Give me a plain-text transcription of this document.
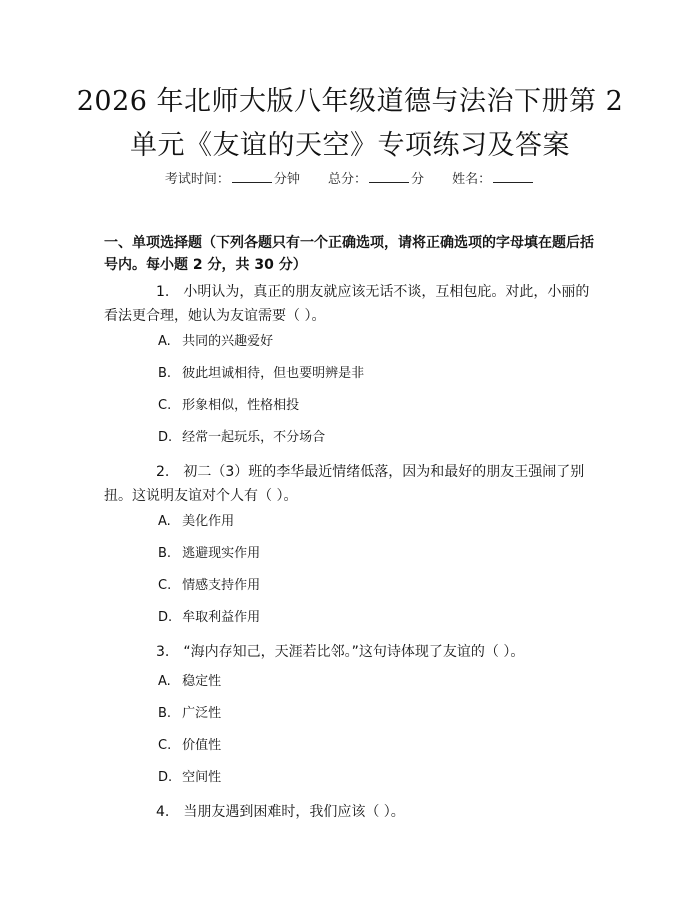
2026 年北师大版八年级道德与法治下册第 2
单元《友谊的天空》专项练习及答案
考试时间：	分钟 总分：	分 姓名：
一、单项选择题（下列各题只有一个正确选项，请将正确选项的字母填在题后括号内。每小题 2 分，共 30 分）
1. 小明认为，真正的朋友就应该无话不谈，互相包庇。对此，小丽的看法更合理，她认为友谊需要（ ）。
A. 共同的兴趣爱好
B. 彼此坦诚相待，但也要明辨是非
C. 形象相似，性格相投
D. 经常一起玩乐，不分场合
2. 初二（3）班的李华最近情绪低落，因为和最好的朋友王强闹了别扭。这说明友谊对个人有（ ）。
A. 美化作用
B. 逃避现实作用
C. 情感支持作用
D. 牟取利益作用
3. “海内存知己，天涯若比邻。”这句诗体现了友谊的（ ）。
A. 稳定性
B. 广泛性
C. 价值性
D. 空间性
4. 当朋友遇到困难时，我们应该（ ）。
